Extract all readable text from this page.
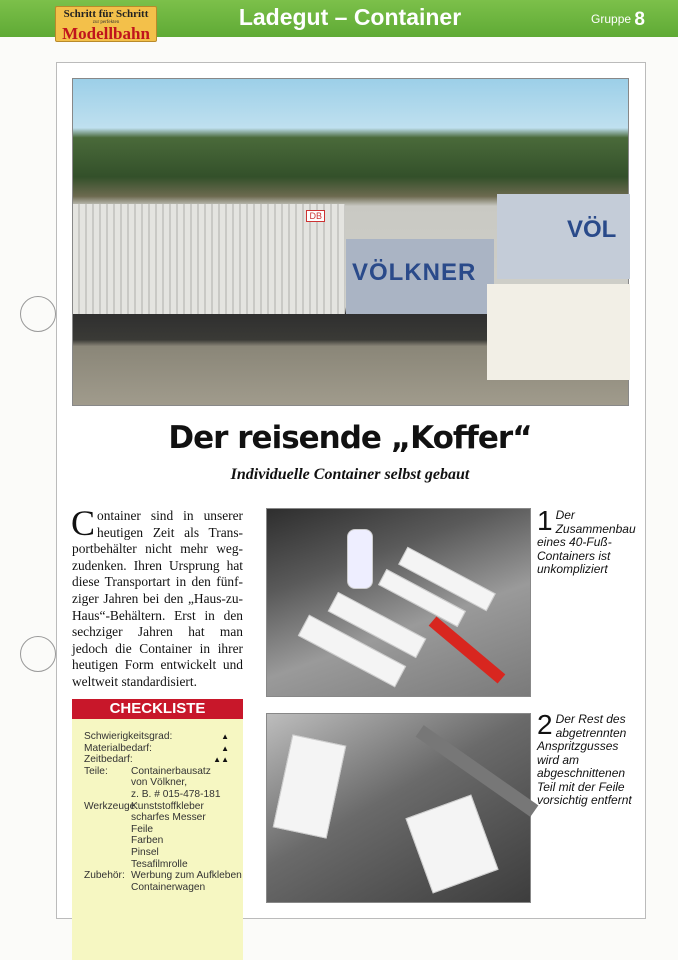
Schritt für Schritt
zur perfekten
Modellbahn
Ladegut – Container	Gruppe 8
DB
VÖLKNER
VÖL
Der reisende „Koffer“
Individuelle Container selbst gebaut
C ontainer sind in unserer
heutigen Zeit als Trans-
portbehälter nicht mehr weg-
zudenken. Ihren Ursprung hat
diese Transportart in den fünf-
ziger Jahren bei den „Haus-zu-
Haus“-Behältern. Erst in den
sechziger Jahren hat man
jedoch die Container in ihrer
heutigen Form entwickelt und
weltweit standardisiert.
1 Der Zusammenbau eines 40-Fuß-Containers ist unkompliziert
2 Der Rest des abgetrennten Anspritzgusses wird am abgeschnittenen Teil mit der Feile vorsichtig entfernt
CHECKLISTE
Schwierigkeitsgrad:	▲
Materialbedarf:	▲
Zeitbedarf:	▲▲
Teile: Containerbausatz
von Völkner,
z. B. # 015-478-181
Werkzeuge:
Kunststoffkleber
scharfes Messer
Feile
Farben
Pinsel
Tesafilmrolle
Zubehör: Werbung zum Aufkleben
Containerwagen
